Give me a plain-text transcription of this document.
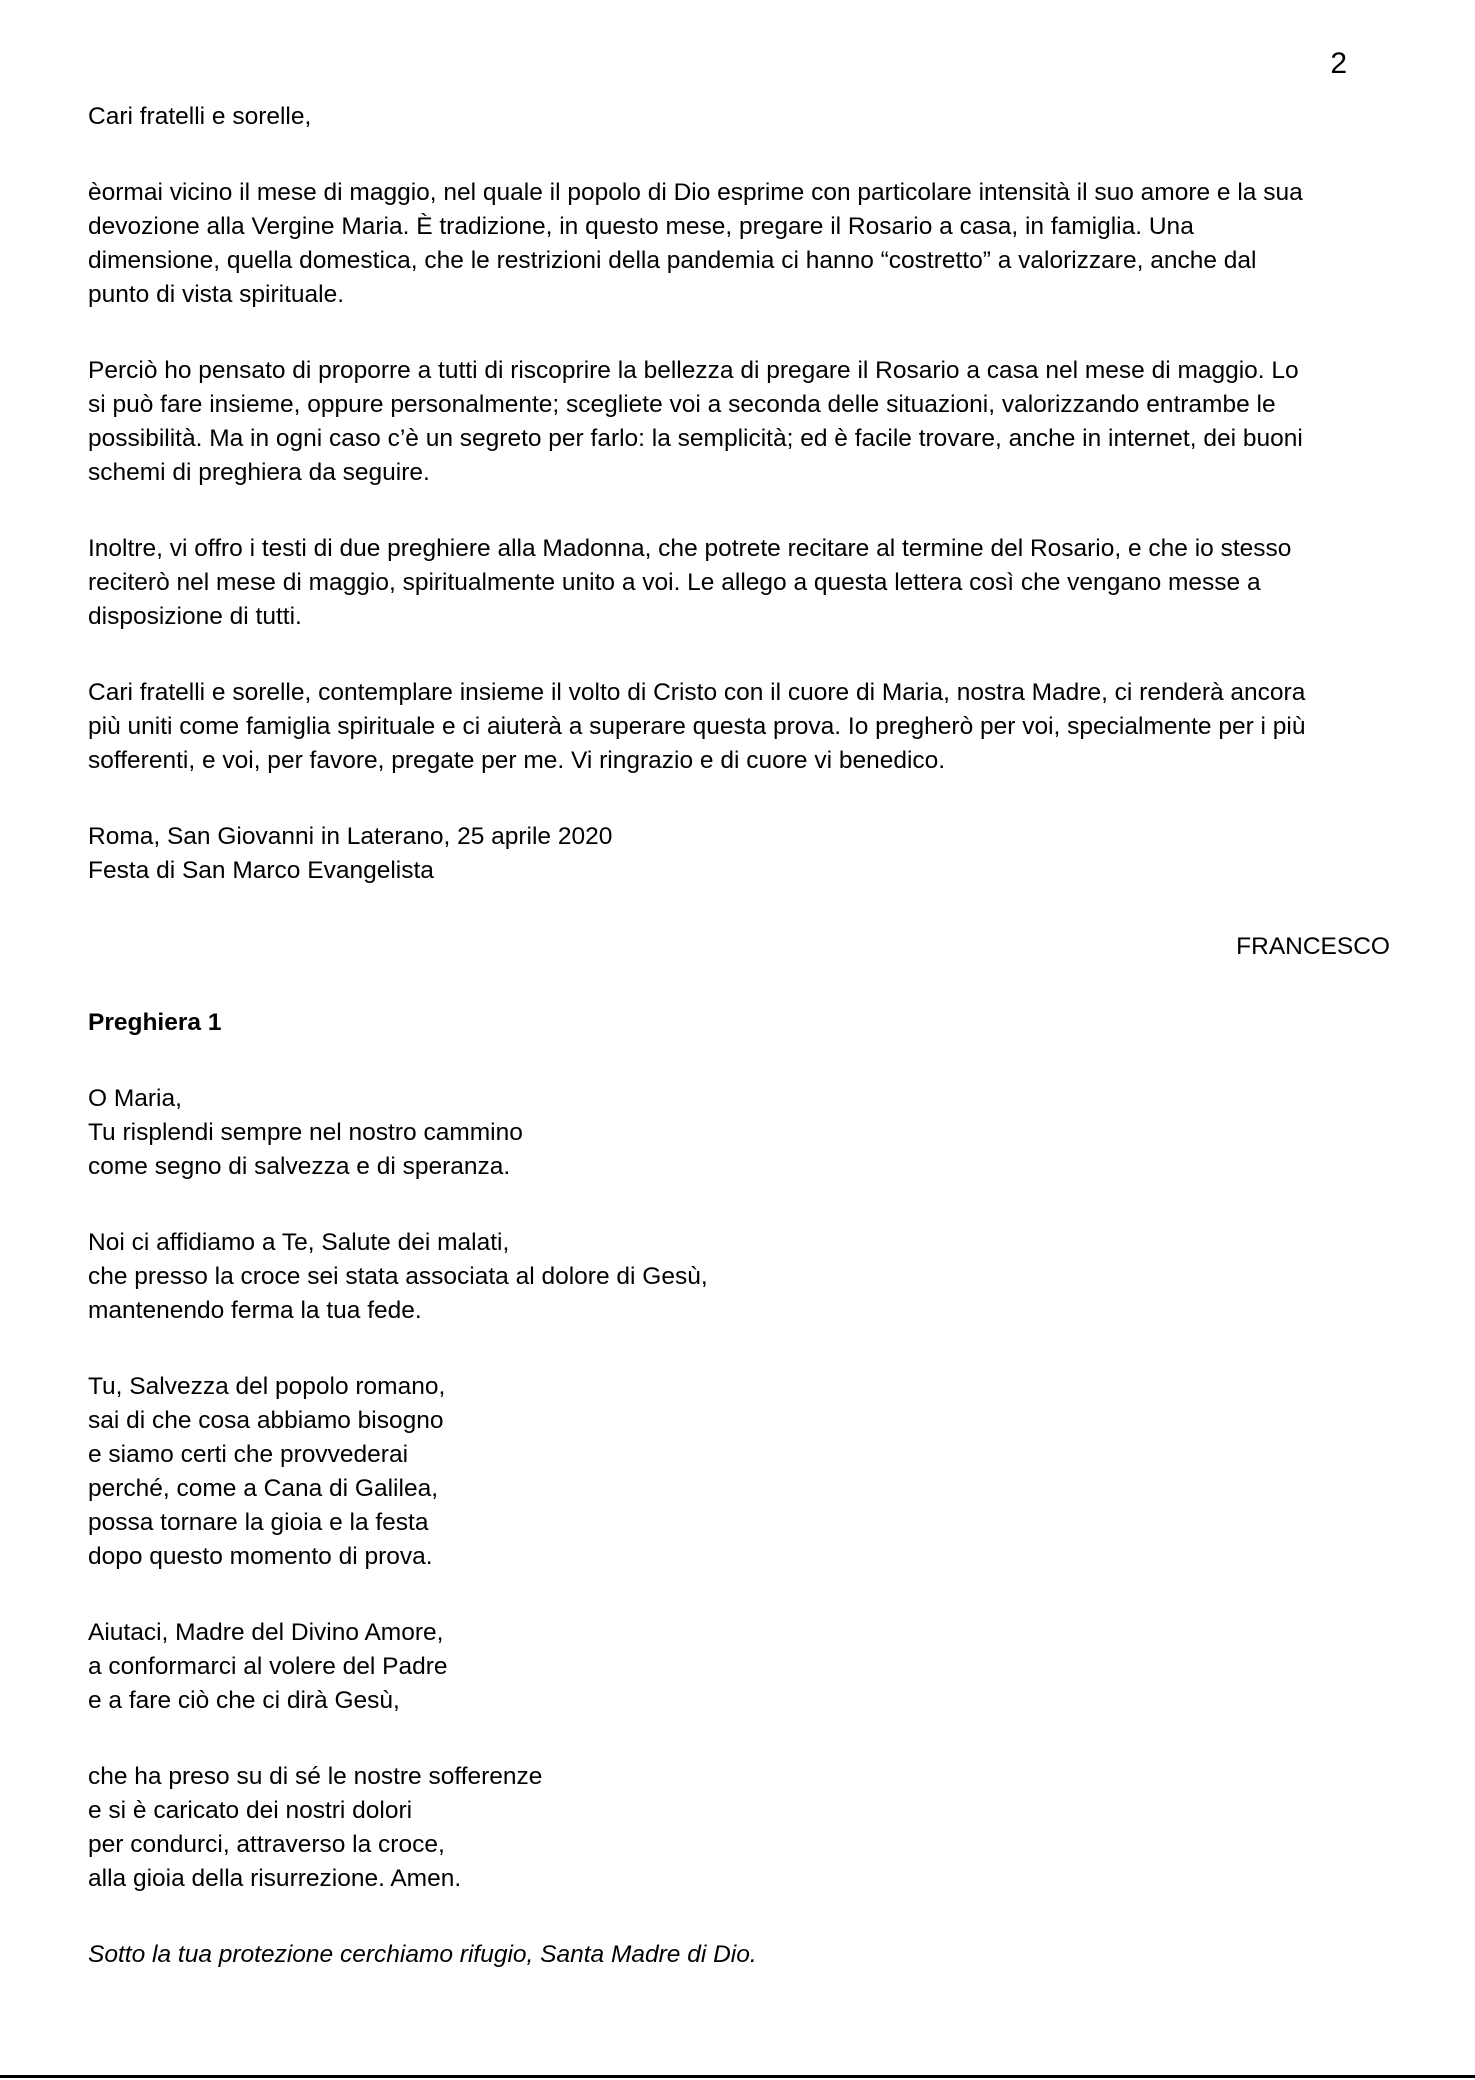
2
Cari fratelli e sorelle,
èormai vicino il mese di maggio, nel quale il popolo di Dio esprime con particolare intensità il suo amore e la sua
devozione alla Vergine Maria. È tradizione, in questo mese, pregare il Rosario a casa, in famiglia. Una
dimensione, quella domestica, che le restrizioni della pandemia ci hanno “costretto” a valorizzare, anche dal
punto di vista spirituale.
Perciò ho pensato di proporre a tutti di riscoprire la bellezza di pregare il Rosario a casa nel mese di maggio. Lo
si può fare insieme, oppure personalmente; scegliete voi a seconda delle situazioni, valorizzando entrambe le
possibilità. Ma in ogni caso c’è un segreto per farlo: la semplicità; ed è facile trovare, anche in internet, dei buoni
schemi di preghiera da seguire.
Inoltre, vi offro i testi di due preghiere alla Madonna, che potrete recitare al termine del Rosario, e che io stesso
reciterò nel mese di maggio, spiritualmente unito a voi. Le allego a questa lettera così che vengano messe a
disposizione di tutti.
Cari fratelli e sorelle, contemplare insieme il volto di Cristo con il cuore di Maria, nostra Madre, ci renderà ancora
più uniti come famiglia spirituale e ci aiuterà a superare questa prova. Io pregherò per voi, specialmente per i più
sofferenti, e voi, per favore, pregate per me. Vi ringrazio e di cuore vi benedico.
Roma, San Giovanni in Laterano, 25 aprile 2020
Festa di San Marco Evangelista
FRANCESCO
Preghiera 1
O Maria,
Tu risplendi sempre nel nostro cammino
come segno di salvezza e di speranza.
Noi ci affidiamo a Te, Salute dei malati,
che presso la croce sei stata associata al dolore di Gesù,
mantenendo ferma la tua fede.
Tu, Salvezza del popolo romano,
sai di che cosa abbiamo bisogno
e siamo certi che provvederai
perché, come a Cana di Galilea,
possa tornare la gioia e la festa
dopo questo momento di prova.
Aiutaci, Madre del Divino Amore,
a conformarci al volere del Padre
e a fare ciò che ci dirà Gesù,
che ha preso su di sé le nostre sofferenze
e si è caricato dei nostri dolori
per condurci, attraverso la croce,
alla gioia della risurrezione. Amen.
Sotto la tua protezione cerchiamo rifugio, Santa Madre di Dio.
